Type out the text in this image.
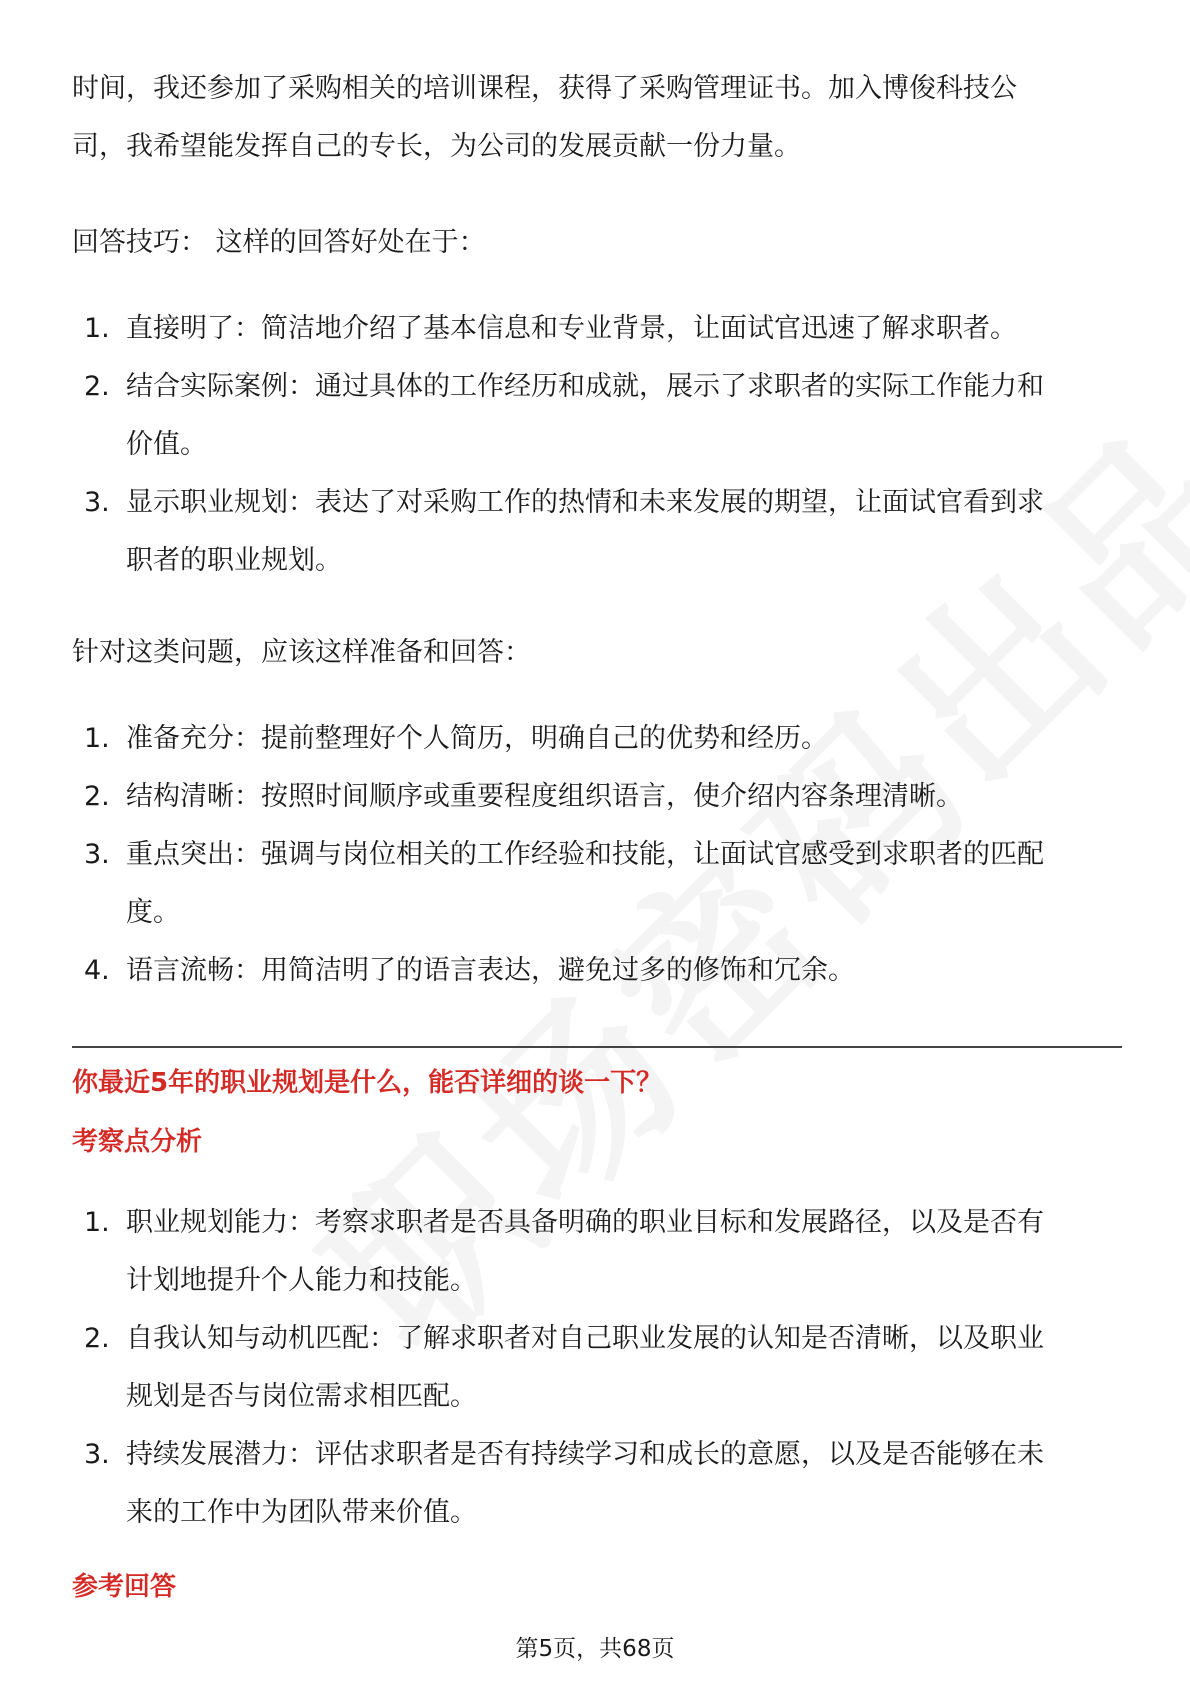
时间，我还参加了采购相关的培训课程，获得了采购管理证书。加入博俊科技公
司，我希望能发挥自己的专长，为公司的发展贡献一份力量。

回答技巧： 这样的回答好处在于：

1. 直接明了：简洁地介绍了基本信息和专业背景，让面试官迅速了解求职者。
2. 结合实际案例：通过具体的工作经历和成就，展示了求职者的实际工作能力和
价值。
3. 显示职业规划：表达了对采购工作的热情和未来发展的期望，让面试官看到求
职者的职业规划。

针对这类问题，应该这样准备和回答：

1. 准备充分：提前整理好个人简历，明确自己的优势和经历。
2. 结构清晰：按照时间顺序或重要程度组织语言，使介绍内容条理清晰。
3. 重点突出：强调与岗位相关的工作经验和技能，让面试官感受到求职者的匹配
度。
4. 语言流畅：用简洁明了的语言表达，避免过多的修饰和冗余。
你最近5年的职业规划是什么，能否详细的谈一下？
考察点分析
1. 职业规划能力：考察求职者是否具备明确的职业目标和发展路径，以及是否有
计划地提升个人能力和技能。
2. 自我认知与动机匹配：了解求职者对自己职业发展的认知是否清晰，以及职业
规划是否与岗位需求相匹配。
3. 持续发展潜力：评估求职者是否有持续学习和成长的意愿，以及是否能够在未
来的工作中为团队带来价值。
参考回答
第5页，共68页
